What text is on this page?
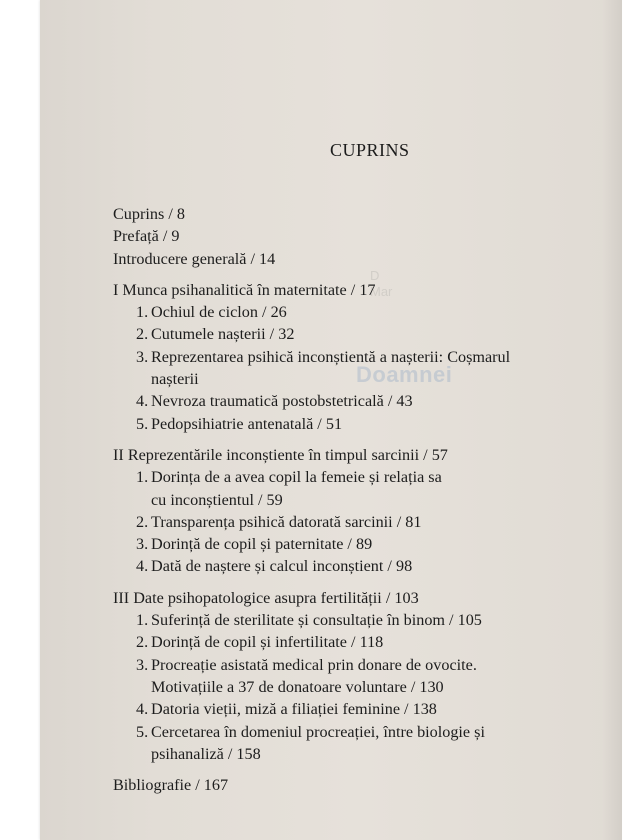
D
Mar
Doamnei
CUPRINS
Cuprins / 8
Prefață / 9
Introducere generală / 14
I Munca psihanalitică în maternitate / 17
1. Ochiul de ciclon / 26
2. Cutumele nașterii / 32
3. Reprezentarea psihică inconștientă a nașterii: Coșmarul
nașterii
4. Nevroza traumatică postobstetricală / 43
5. Pedopsihiatrie antenatală / 51
II Reprezentările inconștiente în timpul sarcinii / 57
1. Dorința de a avea copil la femeie și relația sa
cu inconștientul / 59
2. Transparența psihică datorată sarcinii / 81
3. Dorință de copil și paternitate / 89
4. Dată de naștere și calcul inconștient / 98
III Date psihopatologice asupra fertilității / 103
1. Suferință de sterilitate și consultație în binom / 105
2. Dorință de copil și infertilitate / 118
3. Procreație asistată medical prin donare de ovocite.
Motivațiile a 37 de donatoare voluntare / 130
4. Datoria vieții, miză a filiației feminine / 138
5. Cercetarea în domeniul procreației, între biologie și
psihanaliză / 158
Bibliografie / 167
